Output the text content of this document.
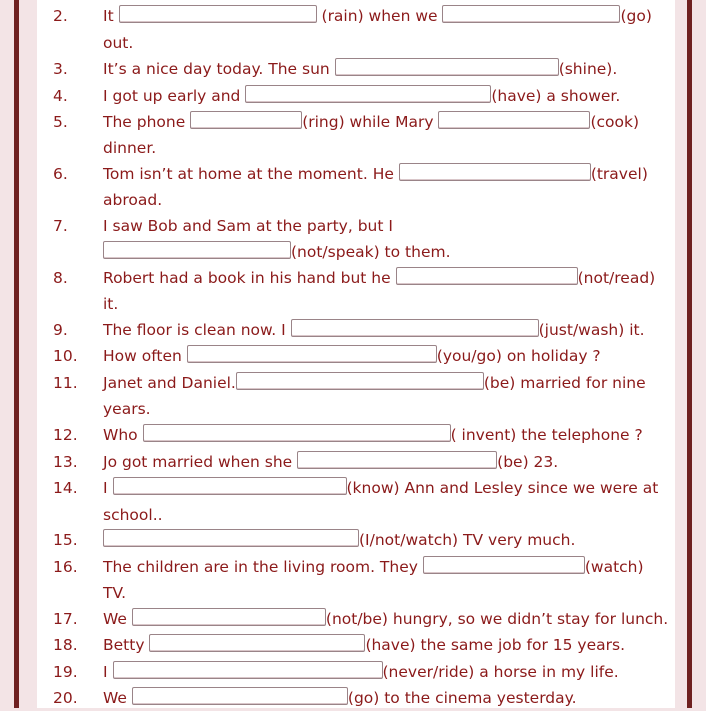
2. It	(rain) when we	(go)
out.
3. It’s a nice day today. The sun	(shine).
4. I got up early and	(have) a shower.
5. The phone	(ring) while Mary	(cook)
dinner.
6. Tom isn’t at home at the moment. He	(travel)
abroad.
7. I saw Bob and Sam at the party, but I
(not/speak) to them.
8. Robert had a book in his hand but he	(not/read)
it.
9. The floor is clean now. I	(just/wash) it.
10. How often	(you/go) on holiday ?
11. Janet and Daniel.	(be) married for nine
years.
12. Who	( invent) the telephone ?
13. Jo got married when she	(be) 23.
14. I	(know) Ann and Lesley since we were at
school..
15.	(I/not/watch) TV very much.
16. The children are in the living room. They	(watch)
TV.
17. We	(not/be) hungry, so we didn’t stay for lunch.
18. Betty	(have) the same job for 15 years.
19. I	(never/ride) a horse in my life.
20. We	(go) to the cinema yesterday.
